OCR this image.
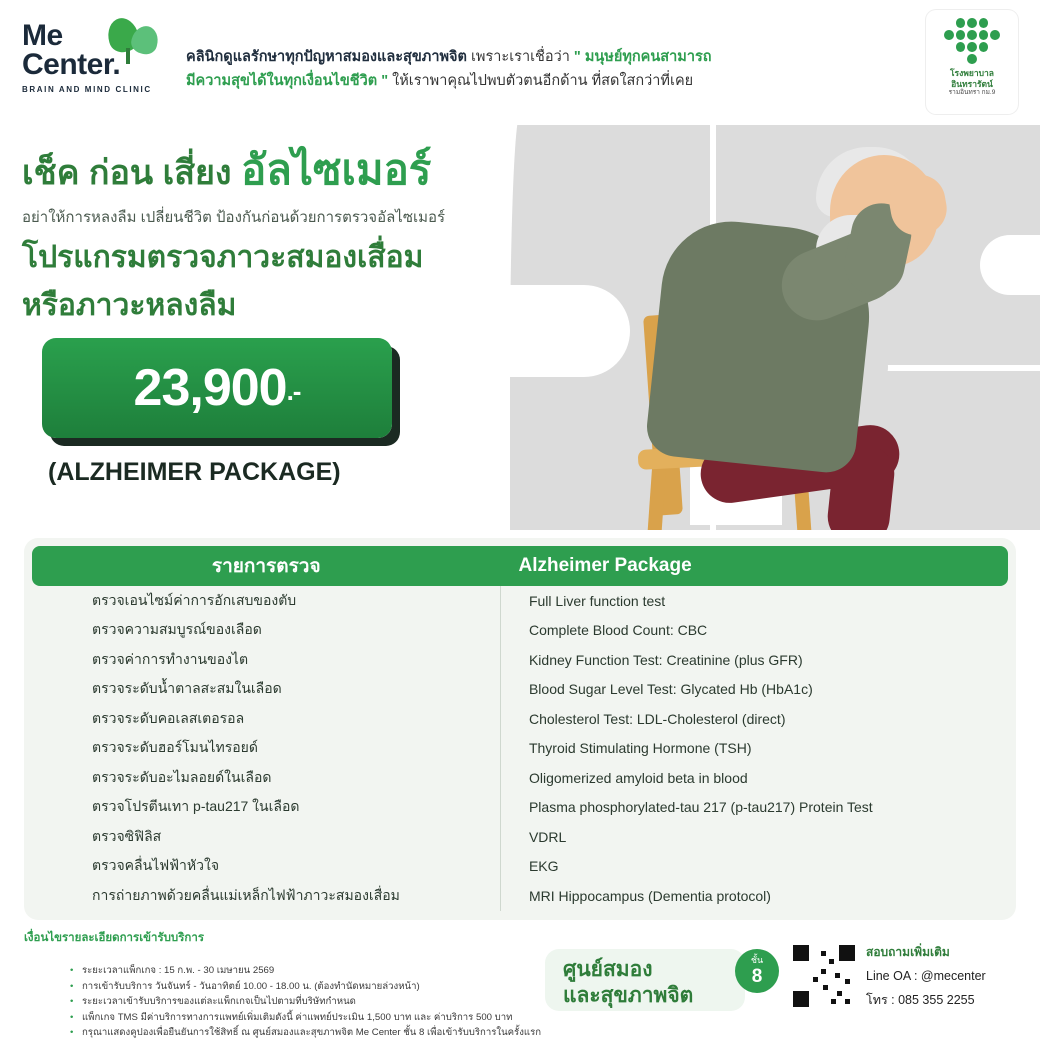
Me
Center.
BRAIN AND MIND CLINIC
คลินิกดูแลรักษาทุกปัญหาสมองและสุขภาพจิต เพราะเราเชื่อว่า " มนุษย์ทุกคนสามารถ
มีความสุขได้ในทุกเงื่อนไขชีวิต " ให้เราพาคุณไปพบตัวตนอีกด้าน ที่สดใสกว่าที่เคย	โรงพยาบาล
อินทรารัตน์
รามอินทรา กม.9
เช็ค ก่อน เสี่ยง อัลไซเมอร์
อย่าให้การหลงลืม เปลี่ยนชีวิต ป้องกันก่อนด้วยการตรวจอัลไซเมอร์
โปรแกรมตรวจภาวะสมองเสื่อม
หรือภาวะหลงลืม
23,900.-
(ALZHEIMER PACKAGE)
รายการตรวจ	Alzheimer Package
ตรวจเอนไซม์ค่าการอักเสบของตับ	Full Liver function test
ตรวจความสมบูรณ์ของเลือด	Complete Blood Count: CBC
ตรวจค่าการทำงานของไต	Kidney Function Test: Creatinine (plus GFR)
ตรวจระดับน้ำตาลสะสมในเลือด	Blood Sugar Level Test: Glycated Hb (HbA1c)
ตรวจระดับคอเลสเตอรอล	Cholesterol Test: LDL-Cholesterol (direct)
ตรวจระดับฮอร์โมนไทรอยด์	Thyroid Stimulating Hormone (TSH)
ตรวจระดับอะไมลอยด์ในเลือด	Oligomerized amyloid beta in blood
ตรวจโปรตีนเทา p-tau217 ในเลือด	Plasma phosphorylated-tau 217 (p-tau217) Protein Test
ตรวจซิฟิลิส	VDRL
ตรวจคลื่นไฟฟ้าหัวใจ	EKG
การถ่ายภาพด้วยคลื่นแม่เหล็กไฟฟ้าภาวะสมองเสื่อม	MRI Hippocampus (Dementia protocol)
เงื่อนไขรายละเอียดการเข้ารับบริการ
• ระยะเวลาแพ็กเกจ : 15 ก.พ. - 30 เมษายน 2569
• การเข้ารับบริการ วันจันทร์ - วันอาทิตย์ 10.00 - 18.00 น. (ต้องทำนัดหมายล่วงหน้า)
• ระยะเวลาเข้ารับบริการของแต่ละแพ็กเกจเป็นไปตามที่บริษัทกำหนด
• แพ็กเกจ TMS มีค่าบริการทางการแพทย์เพิ่มเติมดังนี้ ค่าแพทย์ประเมิน 1,500 บาท และ ค่าบริการ 500 บาท
• กรุณาแสดงคูปองเพื่อยืนยันการใช้สิทธิ์ ณ ศูนย์สมองและสุขภาพจิต Me Center ชั้น 8 เพื่อเข้ารับบริการในครั้งแรก
ศูนย์สมอง
และสุขภาพจิต
ชั้น
8
สอบถามเพิ่มเติม
Line OA : @mecenter
โทร : 085 355 2255
